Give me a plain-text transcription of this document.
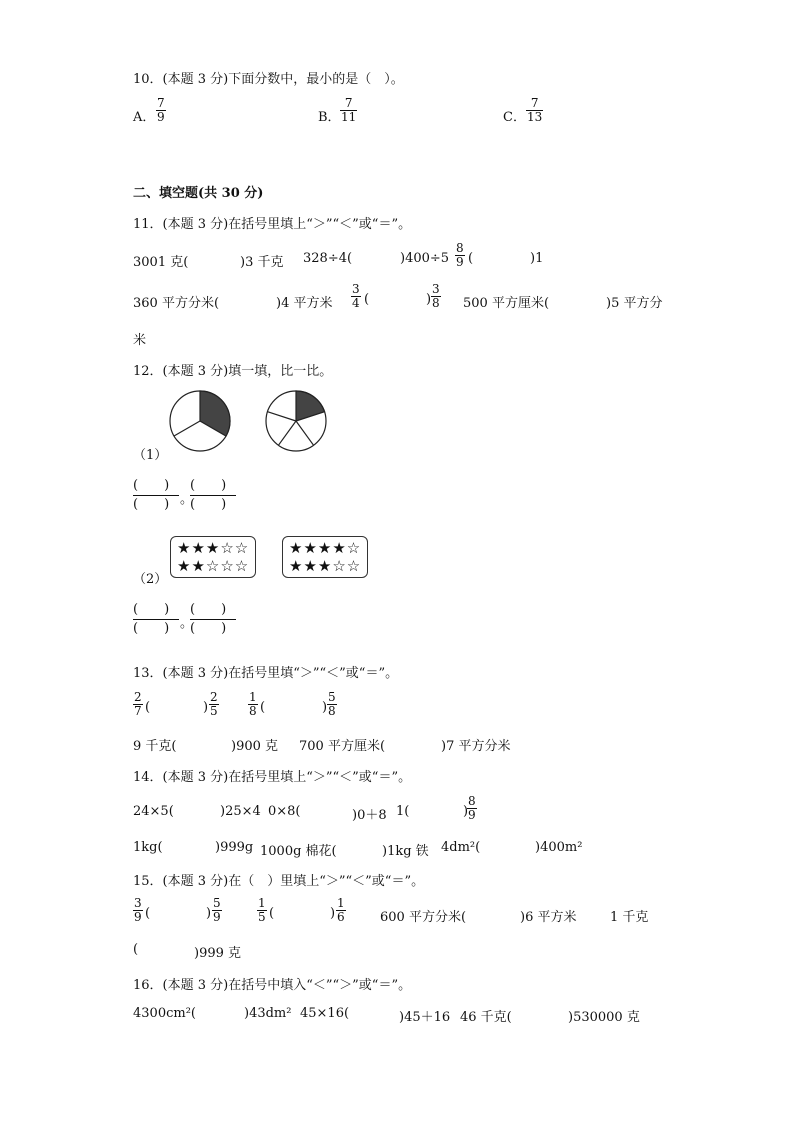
10．(本题 3 分)下面分数中，最小的是（　）。
A． $\frac{7}{9}$	B． $\frac{7}{11}$	C． $\frac{7}{13}$
二、填空题(共 30 分)
11．(本题 3 分)在括号里填上“＞”“＜”或“＝”。
3001 克(	)3 千克 328÷4(	)$400\div 5 \frac{8}{9}$ (	)1
360 平方分米(	)4 平方米 $\frac{3}{4}$ (	) $\frac{3}{8} 500$ 平方厘米(	)5 平方分
米
12．(本题 3 分)填一填，比一比。
（1）
(　　)
(　　) 。
(　　)
(　　)
★★★☆☆
★★☆☆☆
★★★★☆
★★★☆☆
（2）
(　　)
(　　) 。
(　　)
(　　)
13．(本题 3 分)在括号里填“＞”“＜”或“＝”。
$\frac{2}{7}$ (	) $\frac{2}{5} \frac{1}{8}$ (	) $\frac{5}{8}$
9 千克(	)900 克 700 平方厘米(	)7 平方分米
14．(本题 3 分)在括号里填上“＞”“＜”或“＝”。
24×5(	)25×4 0×8(	)0＋8 1(	)
$\frac{8}{9}$
1kg(	)999g 1000g 棉花(	)1kg 铁 4dm²(	)400m²
15．(本题 3 分)在（　）里填上“＞”“＜”或“＝”。
$\frac{3}{9}$ (	) $\frac{5}{9}$	$\frac{1}{5}$ (	) $\frac{1}{6}$	600 平方分米(	)6 平方米	1 千克
(	)999 克
16．(本题 3 分)在括号中填入“＜”“＞”或“＝”。
4300cm²(	)43dm² 45×16(	)45＋16 46 千克(	)530000 克
